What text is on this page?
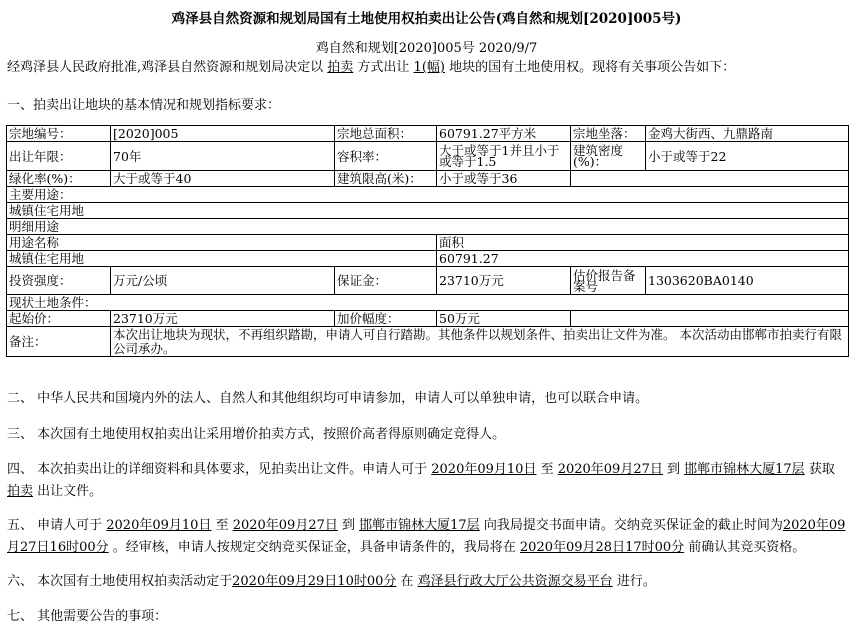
鸡泽县自然资源和规划局国有土地使用权拍卖出让公告(鸡自然和规划[2020]005号)
鸡自然和规划[2020]005号 2020/9/7
经鸡泽县人民政府批准,鸡泽县自然资源和规划局决定以 拍卖 方式出让 1(幅) 地块的国有土地使用权。现将有关事项公告如下：
一、拍卖出让地块的基本情况和规划指标要求：
宗地编号：	[2020]005	宗地总面积：	60791.27平方米	宗地坐落：	金鸡大街西、九鼎路南
出让年限：	70年	容积率：	大于或等于1并且小于或等于1.5	建筑密度(%)：	小于或等于22
绿化率(%)：	大于或等于40	建筑限高(米)：	小于或等于36		
主要用途：					
城镇住宅用地					
明细用途					
用途名称			面积		
城镇住宅用地			60791.27		
投资强度：	万元/公顷	保证金：	23710万元	估价报告备案号	1303620BA0140
现状土地条件：					
起始价：	23710万元	加价幅度：	50万元		
备注：	本次出让地块为现状，不再组织踏勘，申请人可自行踏勘。其他条件以规划条件、拍卖出让文件为准。 本次活动由邯郸市拍卖行有限公司承办。				
二、 中华人民共和国境内外的法人、自然人和其他组织均可申请参加，申请人可以单独申请，也可以联合申请。
三、 本次国有土地使用权拍卖出让采用增价拍卖方式，按照价高者得原则确定竞得人。
四、 本次拍卖出让的详细资料和具体要求，见拍卖出让文件。申请人可于 2020年09月10日 至 2020年09月27日 到 邯郸市锦林大厦17层 获取 拍卖 出让文件。
五、 申请人可于 2020年09月10日 至 2020年09月27日 到 邯郸市锦林大厦17层 向我局提交书面申请。交纳竞买保证金的截止时间为2020年09月27日16时00分 。经审核，申请人按规定交纳竞买保证金，具备申请条件的，我局将在 2020年09月28日17时00分 前确认其竞买资格。
六、 本次国有土地使用权拍卖活动定于2020年09月29日10时00分 在 鸡泽县行政大厅公共资源交易平台 进行。
七、 其他需要公告的事项：
